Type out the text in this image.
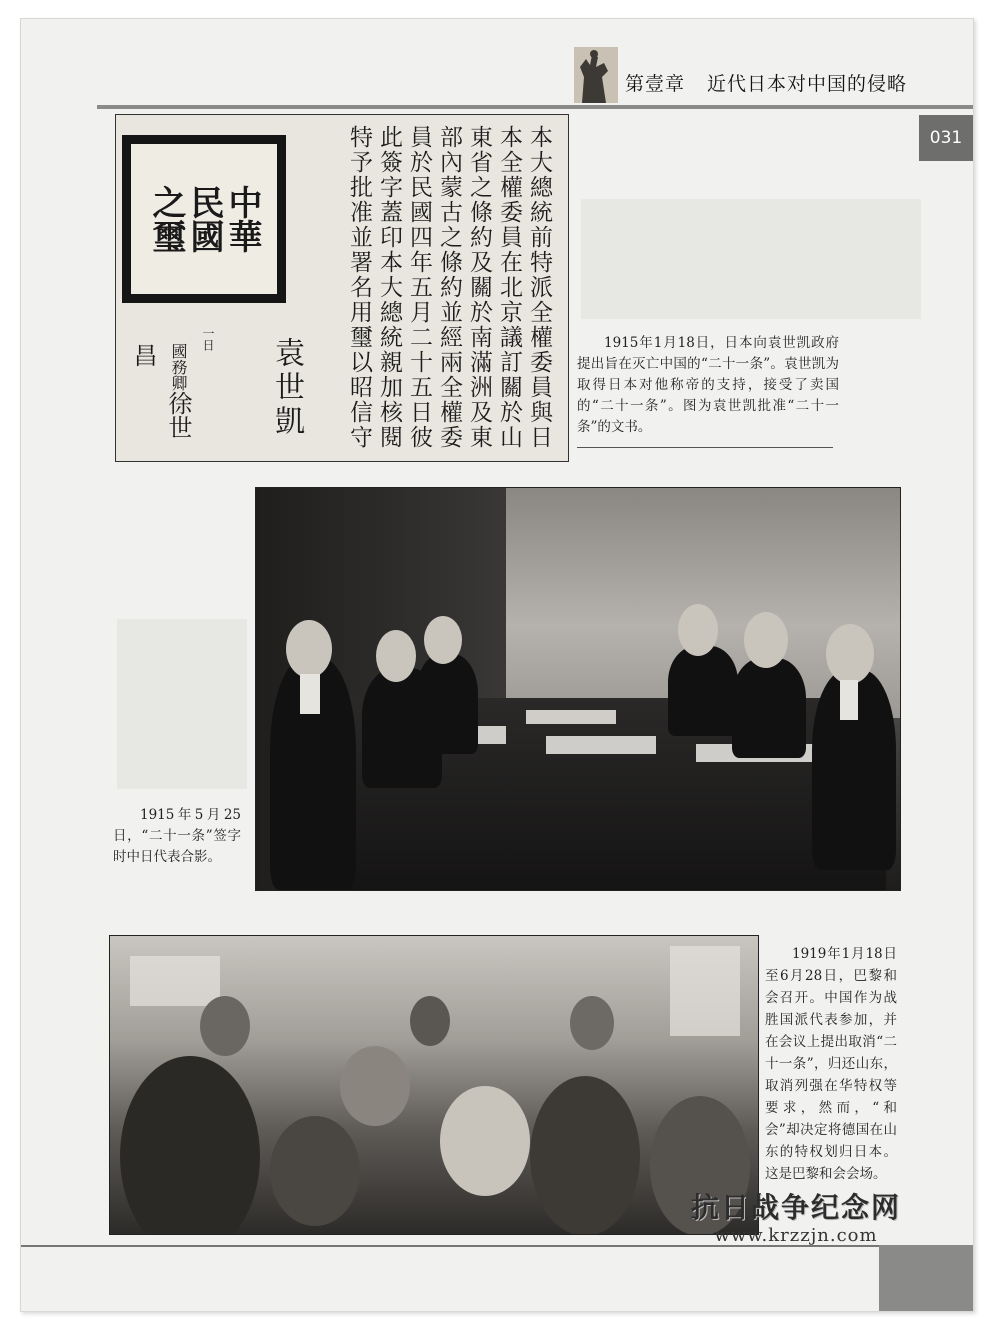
第壹章 近代日本对中国的侵略
031
中華
民國
之璽
一日
國務卿徐世昌	袁世凱	本大總統前特派全權委員與日本全權委員在北京議訂關於山東省之條約及關於南滿洲及東部內蒙古之條約並經兩全權委員於民國四年五月二十五日彼此簽字蓋印本大總統親加核閱特予批准並署名用璽以昭信守	1915年1月18日，日本向袁世凯政府提出旨在灭亡中国的“二十一条”。袁世凯为取得日本对他称帝的支持，接受了卖国的“二十一条”。图为袁世凯批准“二十一条”的文书。
1915年5月25日，“二十一条”签字时中日代表合影。
1919年1月18日至6月28日，巴黎和会召开。中国作为战胜国派代表参加，并在会议上提出取消“二十一条”，归还山东，取消列强在华特权等要求，然而，“和会”却决定将德国在山东的特权划归日本。这是巴黎和会会场。
抗日战争纪念网
www.krzzjn.com
